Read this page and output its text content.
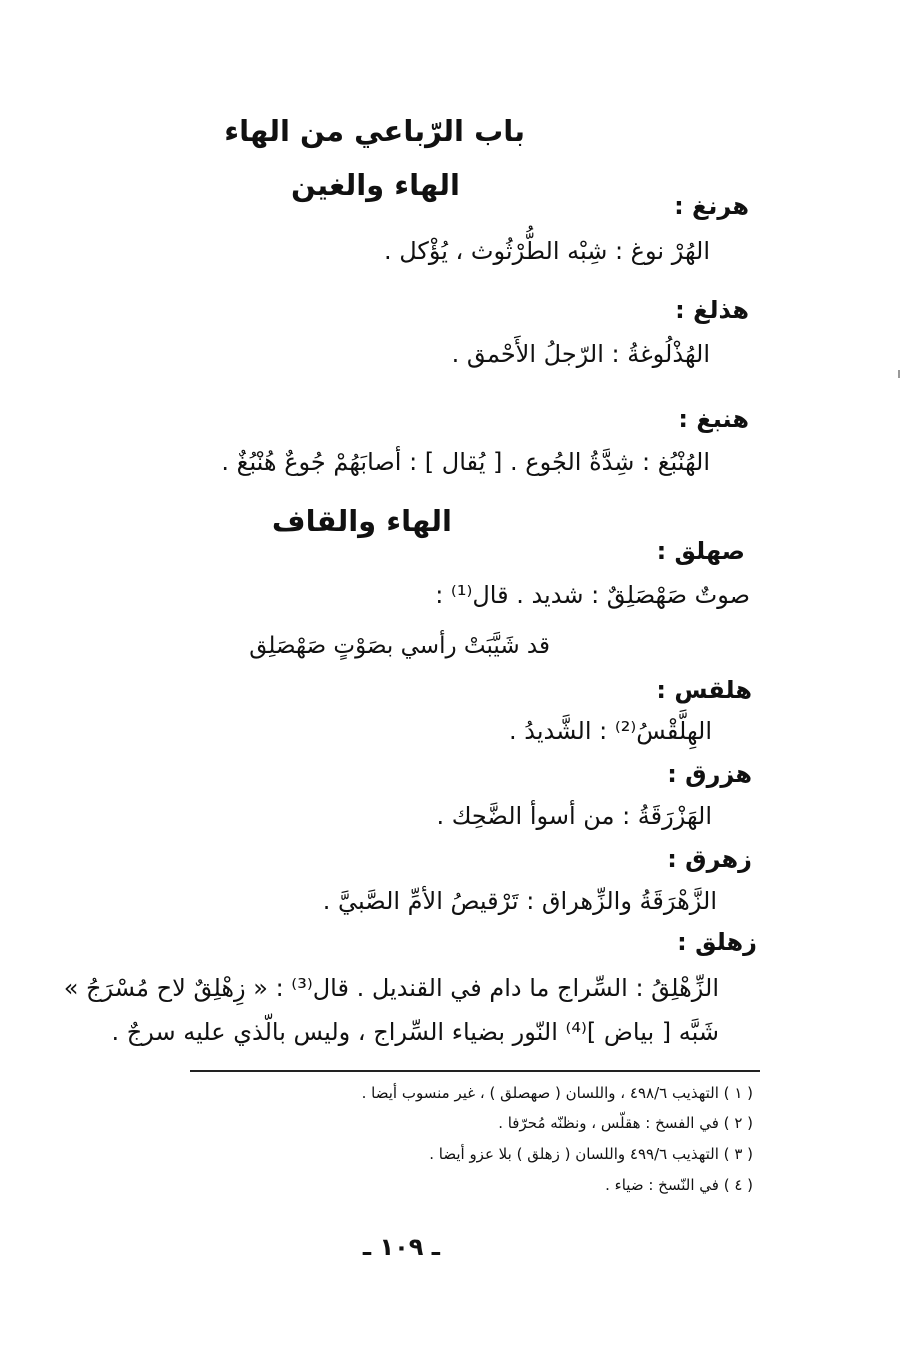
باب الرّباعي من الهاء
الهاء والغين
هرنغ :
الهُرْ نوغ : شِبْه الطُّرْثُوث ، يُؤْكل .
هذلغ :
الهُذْلُوغةُ : الرّجلُ الأَحْمق .
هنبغ :
الهُنْبُغ : شِدَّةُ الجُوع . [ يُقال ] : أصابَهُمْ جُوعٌ هُنْبُغٌ .
الهاء والقاف
صهلق :
صوتٌ صَهْصَلِقٌ : شديد . قال⁽¹⁾ :
قد شَيَّبَتْ رأسي بصَوْتٍ صَهْصَلِق
هلقس :
الهِلَّقْسُ⁽²⁾ : الشَّديدُ .
هزرق :
الهَزْرَقَةُ : من أسوأ الضَّحِك .
زهرق :
الزَّهْرَقَةُ والزِّهراق : تَرْقيصُ الأمِّ الصَّبيَّ .
زهلق :
الزِّهْلِقُ : السِّراج ما دام في القنديل . قال⁽³⁾ : « زِهْلِقٌ لاح مُسْرَجُ »
شَبَّه [ بياض ]⁽⁴⁾ النّور بضياء السِّراج ، وليس بالّذي عليه سرجٌ .
( ١ ) التهذيب ٤٩٨/٦ ، واللسان ( صهصلق ) ، غير منسوب أيضا .
( ٢ ) في الفسخ : هقلّس ، ونظنّه مُحرّفا .
( ٣ ) التهذيب ٤٩٩/٦ واللسان ( زهلق ) بلا عزو أيضا .
( ٤ ) في النّسخ : ضياء .
ـ ١٠٩ ـ
